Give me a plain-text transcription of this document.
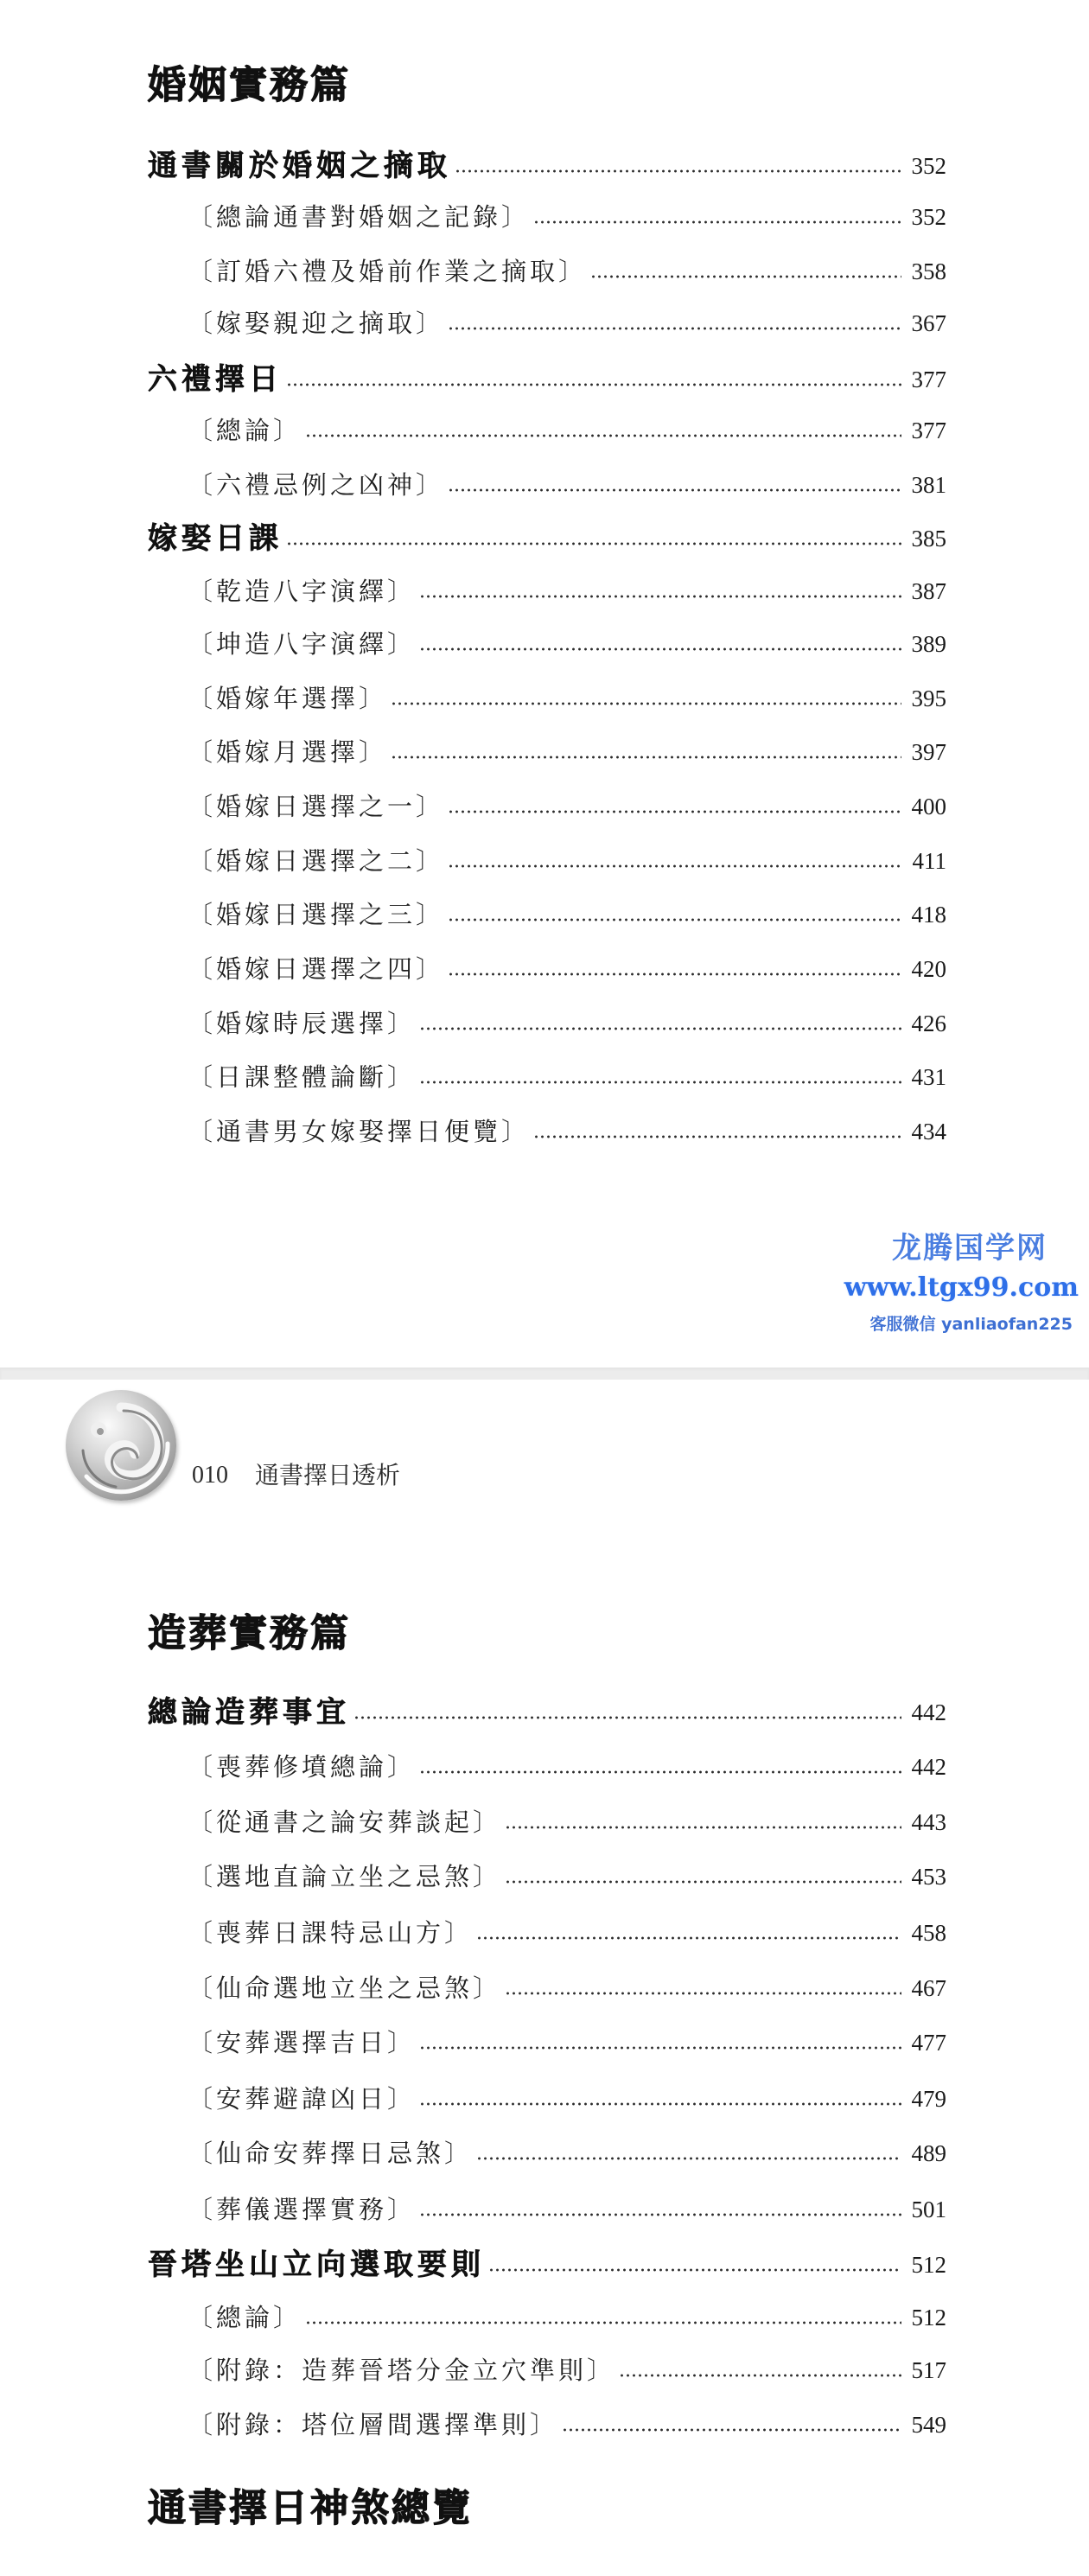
婚姻實務篇
通書關於婚姻之摘取	352
〔總論通書對婚姻之記錄〕	352
〔訂婚六禮及婚前作業之摘取〕	358
〔嫁娶親迎之摘取〕	367
六禮擇日	377
〔總論〕	377
〔六禮忌例之凶神〕	381
嫁娶日課	385
〔乾造八字演繹〕	387
〔坤造八字演繹〕	389
〔婚嫁年選擇〕	395
〔婚嫁月選擇〕	397
〔婚嫁日選擇之一〕	400
〔婚嫁日選擇之二〕	411
〔婚嫁日選擇之三〕	418
〔婚嫁日選擇之四〕	420
〔婚嫁時辰選擇〕	426
〔日課整體論斷〕	431
〔通書男女嫁娶擇日便覽〕	434
龙腾国学网
www.ltgx99.com
客服微信 yanliaofan225
010 通書擇日透析
造葬實務篇
總論造葬事宜	442
〔喪葬修墳總論〕	442
〔從通書之論安葬談起〕	443
〔選地直論立坐之忌煞〕	453
〔喪葬日課特忌山方〕	458
〔仙命選地立坐之忌煞〕	467
〔安葬選擇吉日〕	477
〔安葬避諱凶日〕	479
〔仙命安葬擇日忌煞〕	489
〔葬儀選擇實務〕	501
晉塔坐山立向選取要則	512
〔總論〕	512
〔附錄：造葬晉塔分金立穴準則〕	517
〔附錄：塔位層間選擇準則〕	549
通書擇日神煞總覽
